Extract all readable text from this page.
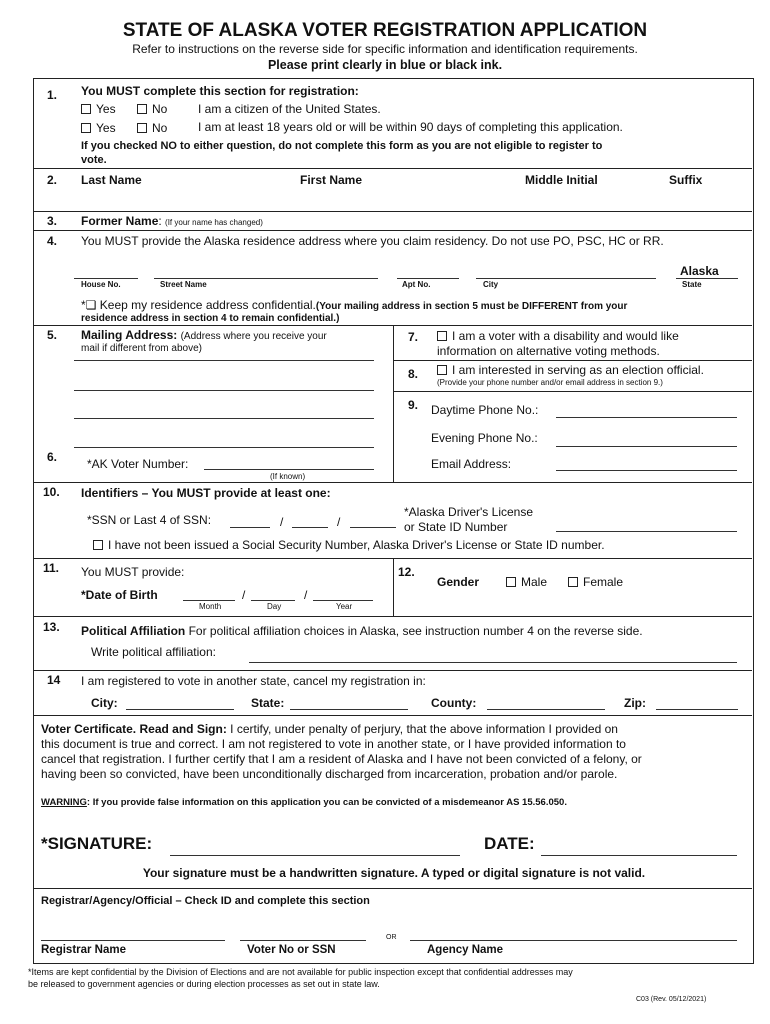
STATE OF ALASKA VOTER REGISTRATION APPLICATION
Refer to instructions on the reverse side for specific information and identification requirements.
Please print clearly in blue or black ink.
1. You MUST complete this section for registration:
Yes	No	I am a citizen of the United States.
Yes	No	I am at least 18 years old or will be within 90 days of completing this application.
If you checked NO to either question, do not complete this form as you are not eligible to register to
vote.
2. Last Name	First Name	Middle Initial	Suffix
3. Former Name: (If your name has changed)
4. You MUST provide the Alaska residence address where you claim residency. Do not use PO, PSC, HC or RR.
Alaska
House No.	Street Name	Apt No.	City	State
*❏ Keep my residence address confidential.(Your mailing address in section 5 must be DIFFERENT from your
residence address in section 4 to remain confidential.)
5. Mailing Address: (Address where you receive your
mail if different from above)
6. *AK Voter Number:
(If known)
7.	I am a voter with a disability and would like
information on alternative voting methods.
8.	I am interested in serving as an election official.
(Provide your phone number and/or email address in section 9.)
9. Daytime Phone No.:
Evening Phone No.:
Email Address:
10. Identifiers – You MUST provide at least one:
*SSN or Last 4 of SSN:	/	/
*Alaska Driver's License
or State ID Number
I have not been issued a Social Security Number, Alaska Driver's License or State ID number.
11. You MUST provide:
*Date of Birth	/	/
Month	Day	Year
12.
Gender	Male	Female
13. Political Affiliation For political affiliation choices in Alaska, see instruction number 4 on the reverse side.
Write political affiliation:
14 I am registered to vote in another state, cancel my registration in:
City:	State:	County:	Zip:
Voter Certificate. Read and Sign: I certify, under penalty of perjury, that the above information I provided on
this document is true and correct. I am not registered to vote in another state, or I have provided information to
cancel that registration. I further certify that I am a resident of Alaska and I have not been convicted of a felony, or
having been so convicted, have been unconditionally discharged from incarceration, probation and/or parole.
WARNING: If you provide false information on this application you can be convicted of a misdemeanor AS 15.56.050.
*SIGNATURE:	DATE:
Your signature must be a handwritten signature. A typed or digital signature is not valid.
Registrar/Agency/Official – Check ID and complete this section
OR
Registrar Name	Voter No or SSN	Agency Name
*Items are kept confidential by the Division of Elections and are not available for public inspection except that confidential addresses may
be released to government agencies or during election processes as set out in state law.
C03 (Rev. 05/12/2021)
